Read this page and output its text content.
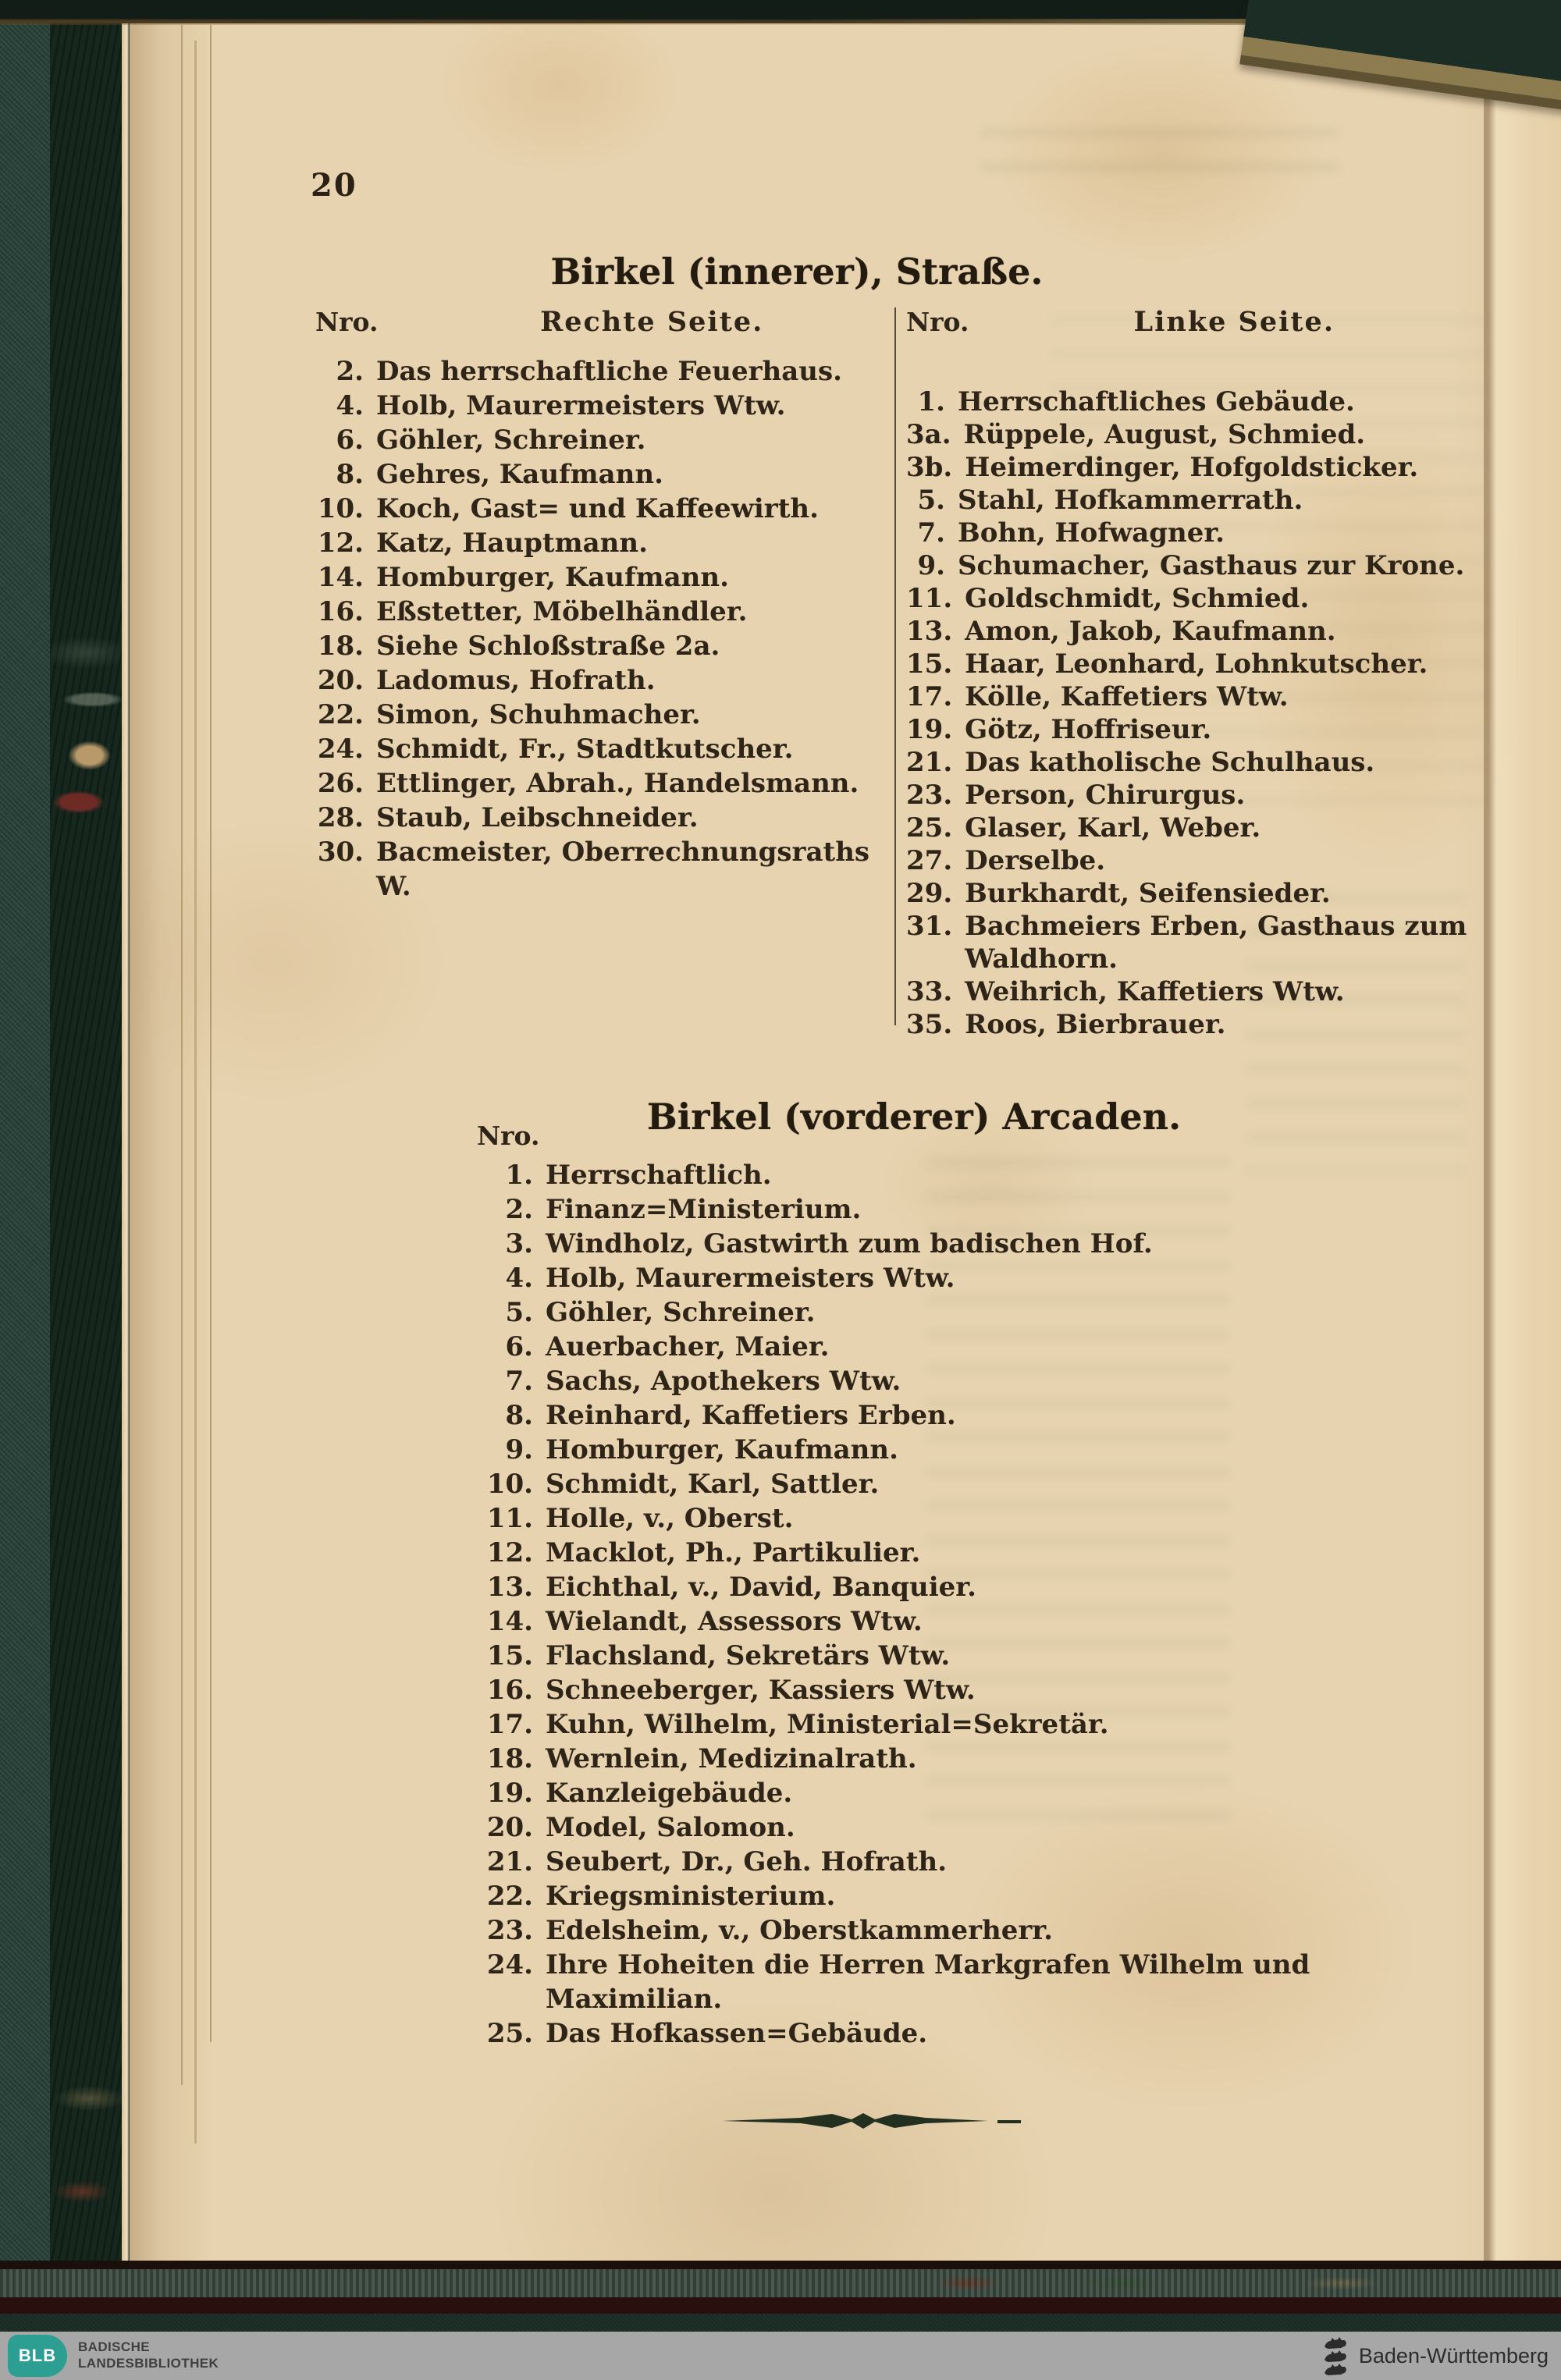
20
Birkel (innerer), Straße.
Nro.	Rechte Seite.
2. Das herrschaftliche Feuerhaus.
4. Holb, Maurermeisters Wtw.
6. Göhler, Schreiner.
8. Gehres, Kaufmann.
10. Koch, Gast= und Kaffeewirth.
12. Katz, Hauptmann.
14. Homburger, Kaufmann.
16. Eßstetter, Möbelhändler.
18. Siehe Schloßstraße 2a.
20. Ladomus, Hofrath.
22. Simon, Schuhmacher.
24. Schmidt, Fr., Stadtkutscher.
26. Ettlinger, Abrah., Handelsmann.
28. Staub, Leibschneider.
30. Bacmeister, Oberrechnungsraths W.
Nro.	Linke Seite.
1. Herrschaftliches Gebäude.
3a. Rüppele, August, Schmied.
3b. Heimerdinger, Hofgoldsticker.
5. Stahl, Hofkammerrath.
7. Bohn, Hofwagner.
9. Schumacher, Gasthaus zur Krone.
11. Goldschmidt, Schmied.
13. Amon, Jakob, Kaufmann.
15. Haar, Leonhard, Lohnkutscher.
17. Kölle, Kaffetiers Wtw.
19. Götz, Hoffriseur.
21. Das katholische Schulhaus.
23. Person, Chirurgus.
25. Glaser, Karl, Weber.
27. Derselbe.
29. Burkhardt, Seifensieder.
31. Bachmeiers Erben, Gasthaus zum Waldhorn.
33. Weihrich, Kaffetiers Wtw.
35. Roos, Bierbrauer.
Birkel (vorderer) Arcaden.
Nro.
1. Herrschaftlich.
2. Finanz=Ministerium.
3. Windholz, Gastwirth zum badischen Hof.
4. Holb, Maurermeisters Wtw.
5. Göhler, Schreiner.
6. Auerbacher, Maier.
7. Sachs, Apothekers Wtw.
8. Reinhard, Kaffetiers Erben.
9. Homburger, Kaufmann.
10. Schmidt, Karl, Sattler.
11. Holle, v., Oberst.
12. Macklot, Ph., Partikulier.
13. Eichthal, v., David, Banquier.
14. Wielandt, Assessors Wtw.
15. Flachsland, Sekretärs Wtw.
16. Schneeberger, Kassiers Wtw.
17. Kuhn, Wilhelm, Ministerial=Sekretär.
18. Wernlein, Medizinalrath.
19. Kanzleigebäude.
20. Model, Salomon.
21. Seubert, Dr., Geh. Hofrath.
22. Kriegsministerium.
23. Edelsheim, v., Oberstkammerherr.
24. Ihre Hoheiten die Herren Markgrafen Wilhelm und Maximilian.
25. Das Hofkassen=Gebäude.
BLB	BADISCHE
LANDESBIBLIOTHEK	Baden-Württemberg
